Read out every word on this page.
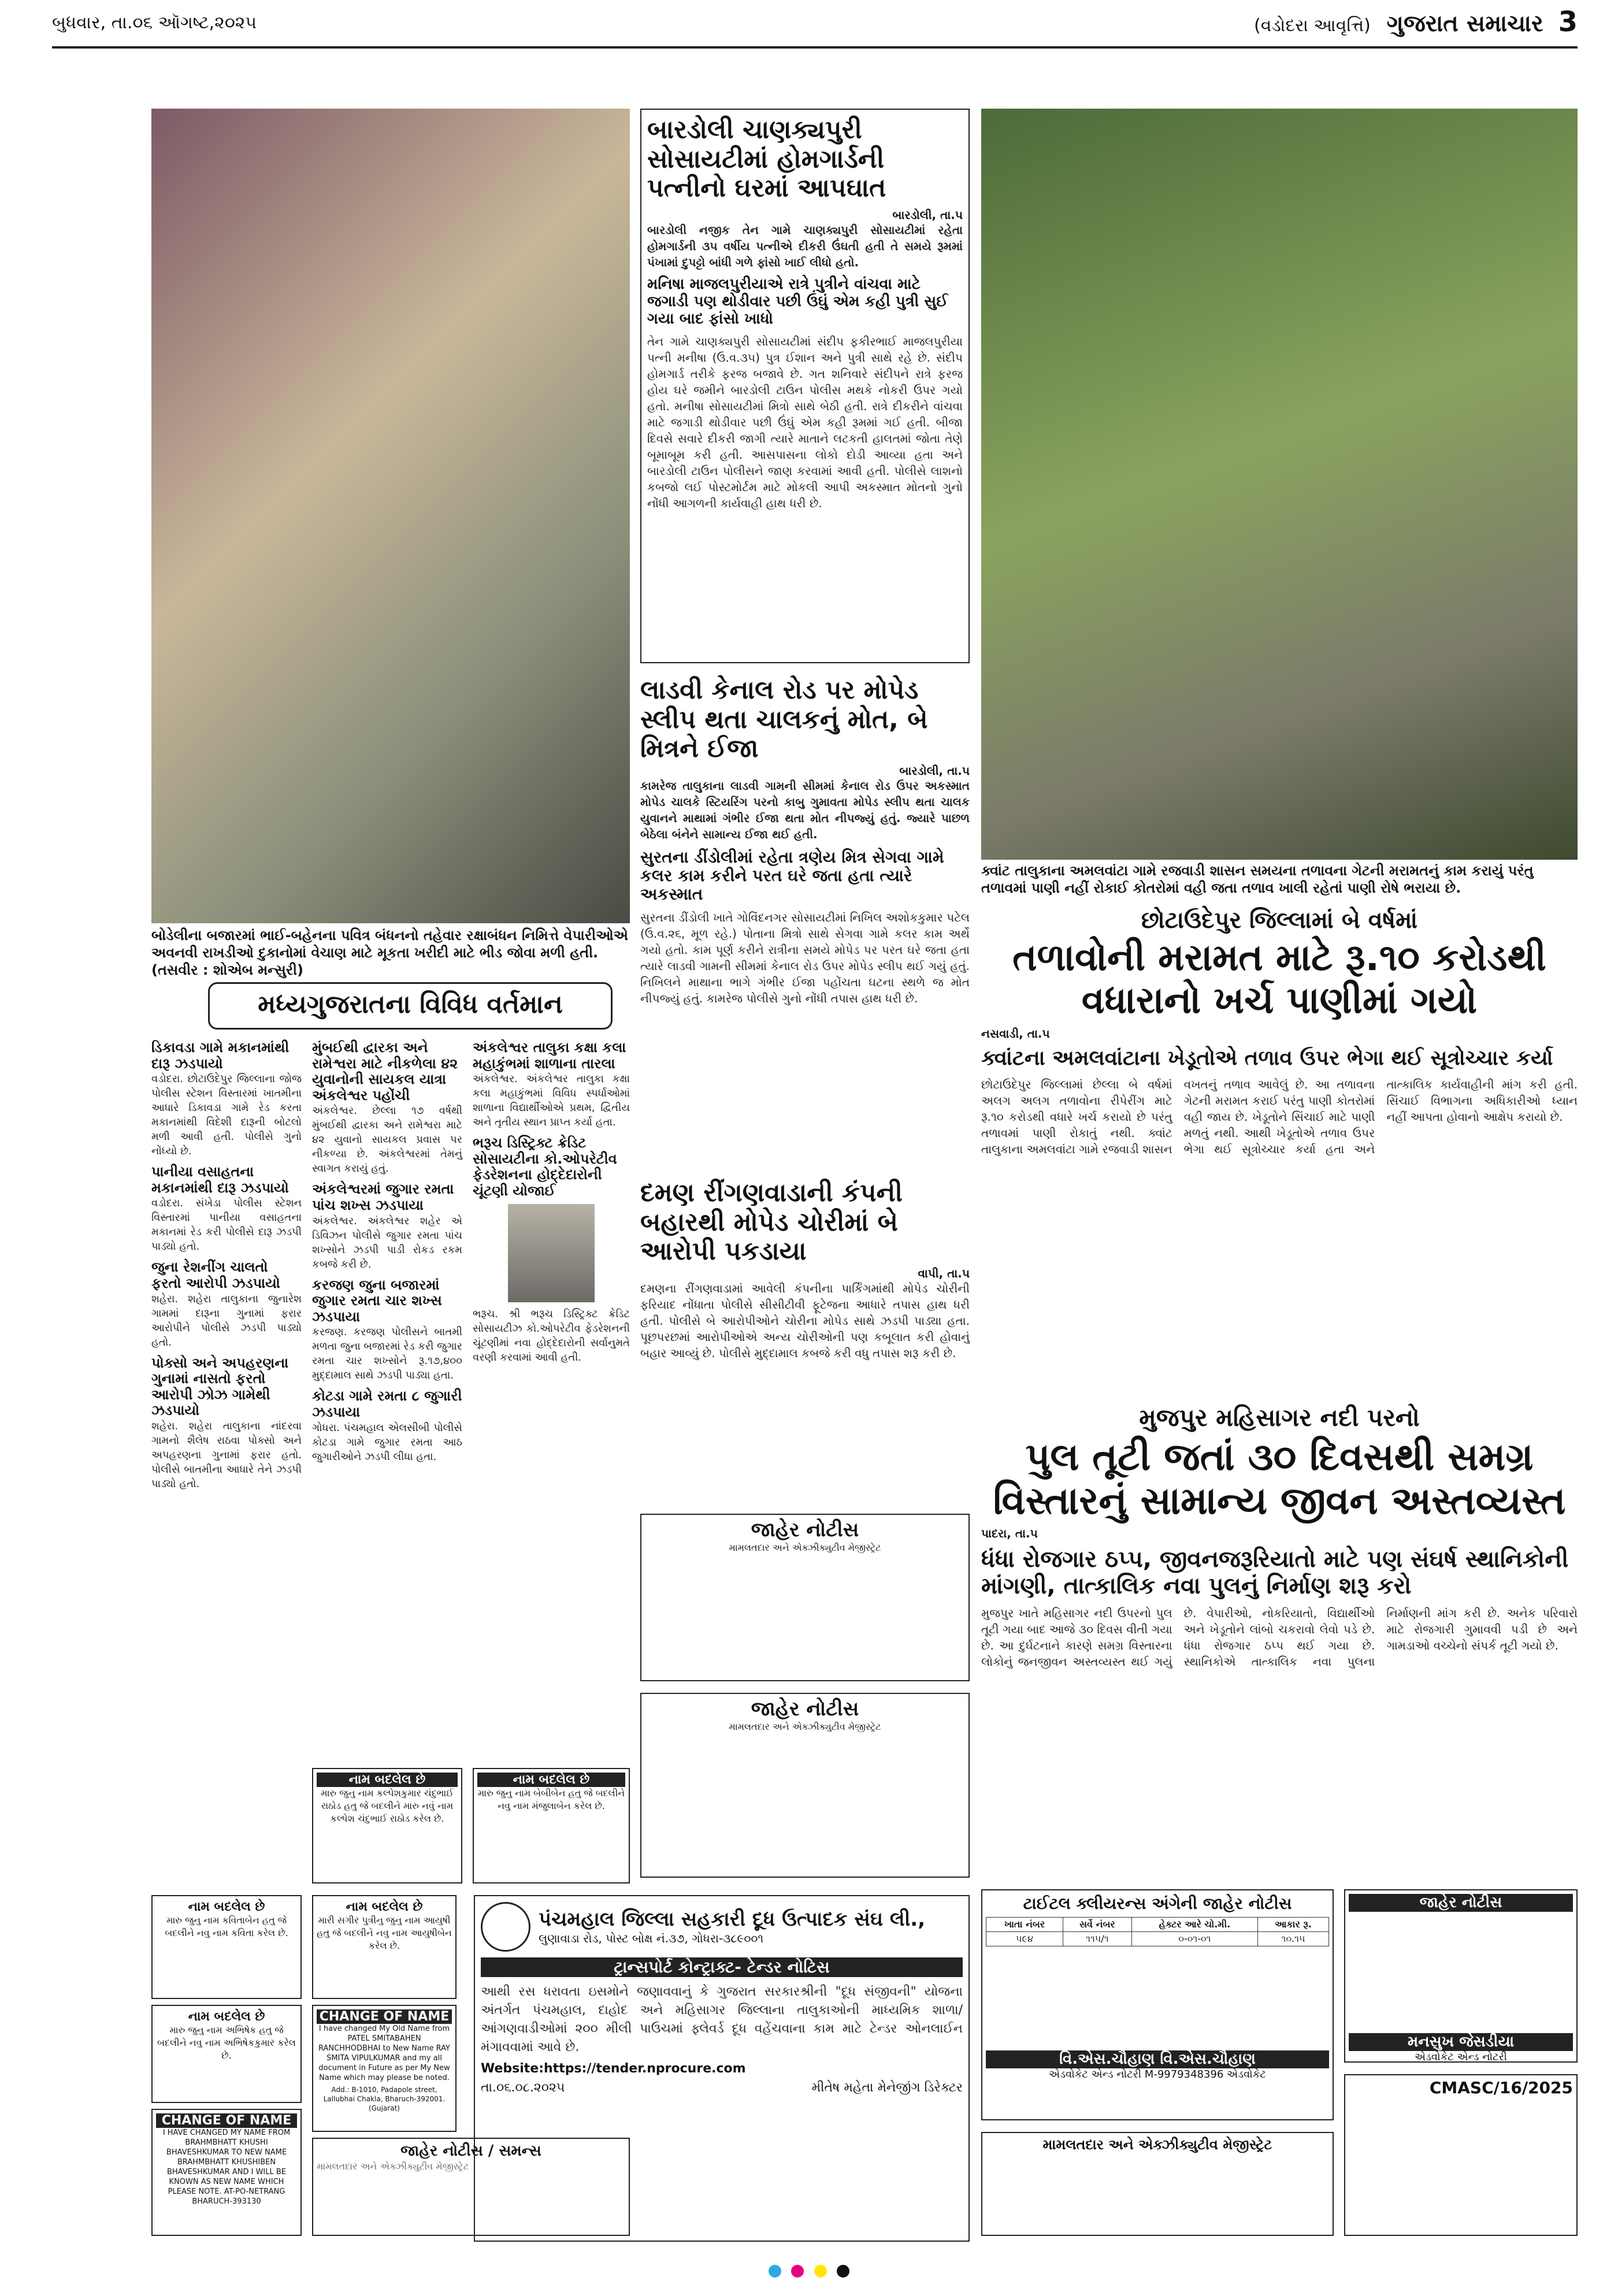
બુધવાર, તા.૦૬ ઑગષ્ટ,૨૦૨૫	(વડોદરા આવૃત્તિ) ગુજરાત સમાચાર 3
બોડેલીના બજારમાં ભાઈ-બહેનના પવિત્ર બંધનનો તહેવાર રક્ષાબંધન નિમિત્તે વેપારીઓએ અવનવી રાખડીઓ દુકાનોમાં વેચાણ માટે મૂકતા ખરીદી માટે ભીડ જોવા મળી હતી. (તસવીર : શોએબ મન્સુરી)
બારડોલી ચાણક્યપુરી સોસાયટીમાં હોમગાર્ડની પત્નીનો ઘરમાં આપઘાત
બારડોલી, તા.૫
બારડોલી નજીક તેન ગામે ચાણક્યપુરી સોસાયટીમાં રહેતા હોમગાર્ડની ૩૫ વર્ષીય પત્નીએ દીકરી ઉંઘતી હતી તે સમયે રૂમમાં પંખામાં દુપટ્ટો બાંધી ગળે ફાંસો ખાઈ લીધો હતો.
મનિષા માજલપુરીયાએ રાત્રે પુત્રીને વાંચવા માટે જગાડી પણ થોડીવાર પછી ઉંઘું એમ કહી પુત્રી સુઈ ગયા બાદ ફાંસો ખાધો
તેન ગામે ચાણક્યપુરી સોસાયટીમાં સંદીપ ફકીરભાઈ માજલપુરીયા પત્ની મનીષા (ઉ.વ.૩૫) પુત્ર ઈશાન અને પુત્રી સાથે રહે છે. સંદીપ હોમગાર્ડ તરીકે ફરજ બજાવે છે. ગત શનિવારે સંદીપને રાત્રે ફરજ હોય ઘરે જમીને બારડોલી ટાઉન પોલીસ મથકે નોકરી ઉપર ગયો હતો. મનીષા સોસાયટીમાં મિત્રો સાથે બેઠી હતી. રાત્રે દીકરીને વાંચવા માટે જગાડી થોડીવાર પછી ઉંઘું એમ કહી રૂમમાં ગઈ હતી. બીજા દિવસે સવારે દીકરી જાગી ત્યારે માતાને લટકતી હાલતમાં જોતા તેણે બૂમાબૂમ કરી હતી. આસપાસના લોકો દોડી આવ્યા હતા અને બારડોલી ટાઉન પોલીસને જાણ કરવામાં આવી હતી. પોલીસે લાશનો કબજો લઈ પોસ્ટમોર્ટમ માટે મોકલી આપી અકસ્માત મોતનો ગુનો નોંધી આગળની કાર્યવાહી હાથ ધરી છે.
ક્વાંટ તાલુકાના અમલવાંટા ગામે રજવાડી શાસન સમયના તળાવના ગેટની મરામતનું કામ કરાયું પરંતુ તળાવમાં પાણી નહીં રોકાઈ કોતરોમાં વહી જતા તળાવ ખાલી રહેતાં પાણી રોષે ભરાયા છે.
મધ્યગુજરાતના વિવિધ વર્તમાન
ડિકાવડા ગામે મકાનમાંથી દારૂ ઝડપાયો
વડોદરા. છોટાઉદેપુર જિલ્લાના જોજ પોલીસ સ્ટેશન વિસ્તારમાં ખાતમીના આધારે ડિકાવડા ગામે રેડ કરતા મકાનમાંથી વિદેશી દારૂની બોટલો મળી આવી હતી. પોલીસે ગુનો નોંધ્યો છે.
પાનીયા વસાહતના મકાનમાંથી દારૂ ઝડપાયો
વડોદરા. સંખેડા પોલીસ સ્ટેશન વિસ્તારમાં પાનીયા વસાહતના મકાનમાં રેડ કરી પોલીસે દારૂ ઝડપી પાડ્યો હતો.
જુના રેશનીંગ ચાલતો ફરતો આરોપી ઝડપાયો
શહેરા. શહેરા તાલુકાના જુનારેશ ગામમાં દારૂના ગુનામાં ફરાર આરોપીને પોલીસે ઝડપી પાડ્યો હતો.
પોક્સો અને અપહરણના ગુનામાં નાસતો ફરતો આરોપી ઝોઝ ગામેથી ઝડપાયો
શહેરા. શહેરા તાલુકાના નાંદરવા ગામનો શૈલેષ રાઠવા પોક્સો અને અપહરણના ગુનામાં ફરાર હતો. પોલીસે બાતમીના આધારે તેને ઝડપી પાડ્યો હતો.
મુંબઈથી દ્વારકા અને રામેશ્વરા માટે નીકળેલા ૪૨ યુવાનોની સાયકલ યાત્રા અંકલેશ્વર પહોંચી
અંકલેશ્વર. છેલ્લા ૧૭ વર્ષથી મુંબઈથી દ્વારકા અને રામેશ્વરા માટે ૪૨ યુવાનો સાયકલ પ્રવાસ પર નીકળ્યા છે. અંકલેશ્વરમાં તેમનું સ્વાગત કરાયું હતું.
અંકલેશ્વરમાં જુગાર રમતા પાંચ શખ્સ ઝડપાયા
અંકલેશ્વર. અંકલેશ્વર શહેર એ ડિવિઝન પોલીસે જુગાર રમતા પાંચ શખ્સોને ઝડપી પાડી રોકડ રકમ કબજે કરી છે.
કરજણ જુના બજારમાં જુગાર રમતા ચાર શખ્સ ઝડપાયા
કરજણ. કરજણ પોલીસને બાતમી મળતા જુના બજારમાં રેડ કરી જુગાર રમતા ચાર શખ્સોને રૂ.૧૭,૪૦૦ મુદ્દામાલ સાથે ઝડપી પાડ્યા હતા.
કોટડા ગામે રમતા ૮ જુગારી ઝડપાયા
ગોધરા. પંચમહાલ એલસીબી પોલીસે કોટડા ગામે જુગાર રમતા આઠ જુગારીઓને ઝડપી લીધા હતા.
અંકલેશ્વર તાલુકા કક્ષા કલા મહાકુંભમાં શાળાના તારલા
અંકલેશ્વર. અંકલેશ્વર તાલુકા કક્ષા કલા મહાકુંભમાં વિવિધ સ્પર્ધાઓમાં શાળાના વિદ્યાર્થીઓએ પ્રથમ, દ્વિતીય અને તૃતીય સ્થાન પ્રાપ્ત કર્યા હતા.
ભરૂચ ડિસ્ટ્રિક્ટ ક્રેડિટ સોસાયટીના કો.ઓપરેટીવ ફેડરેશનના હોદ્દેદારોની ચૂંટણી યોજાઈ
ભરૂચ. શ્રી ભરૂચ ડિસ્ટ્રિક્ટ ક્રેડિટ સોસાયટીઝ કો.ઓપરેટીવ ફેડરેશનની ચૂંટણીમાં નવા હોદ્દેદારોની સર્વાનુમતે વરણી કરવામાં આવી હતી.
લાડવી કેનાલ રોડ પર મોપેડ સ્લીપ થતા ચાલકનું મોત, બે મિત્રને ઈજા
બારડોલી, તા.૫
કામરેજ તાલુકાના લાડવી ગામની સીમમાં કેનાલ રોડ ઉપર અકસ્માત મોપેડ ચાલકે સ્ટિયરિંગ પરનો કાબુ ગુમાવતા મોપેડ સ્લીપ થતા ચાલક યુવાનને માથામાં ગંભીર ઈજા થતા મોત નીપજ્યું હતું. જ્યારે પાછળ બેઠેલા બંનેને સામાન્ય ઈજા થઈ હતી.
સુરતના ડીંડોલીમાં રહેતા ત્રણેય મિત્ર સેગવા ગામે કલર કામ કરીને પરત ઘરે જતા હતા ત્યારે અકસ્માત
સુરતના ડીંડોલી ખાતે ગોવિંદનગર સોસાયટીમાં નિખિલ અશોકકુમાર પટેલ (ઉ.વ.૨૬, મૂળ રહે.) પોતાના મિત્રો સાથે સેગવા ગામે કલર કામ અર્થે ગયો હતો. કામ પૂર્ણ કરીને રાત્રીના સમયે મોપેડ પર પરત ઘરે જતા હતા ત્યારે લાડવી ગામની સીમમાં કેનાલ રોડ ઉપર મોપેડ સ્લીપ થઈ ગયું હતું. નિખિલને માથાના ભાગે ગંભીર ઈજા પહોંચતા ઘટના સ્થળે જ મોત નીપજ્યું હતું. કામરેજ પોલીસે ગુનો નોંધી તપાસ હાથ ધરી છે.
દમણ રીંગણવાડાની કંપની બહારથી મોપેડ ચોરીમાં બે આરોપી પકડાયા
વાપી, તા.૫
દમણના રીંગણવાડામાં આવેલી કંપનીના પાર્કિંગમાંથી મોપેડ ચોરીની ફરિયાદ નોંધાતા પોલીસે સીસીટીવી ફૂટેજના આધારે તપાસ હાથ ધરી હતી. પોલીસે બે આરોપીઓને ચોરીના મોપેડ સાથે ઝડપી પાડ્યા હતા. પૂછપરછમાં આરોપીઓએ અન્ય ચોરીઓની પણ કબૂલાત કરી હોવાનું બહાર આવ્યું છે. પોલીસે મુદ્દામાલ કબજે કરી વધુ તપાસ શરૂ કરી છે.
છોટાઉદેપુર જિલ્લામાં બે વર્ષમાં
તળાવોની મરામત માટે રૂ.૧૦ કરોડથી વધારાનો ખર્ચ પાણીમાં ગયો
નસવાડી, તા.૫
ક્વાંટના અમલવાંટાના ખેડૂતોએ તળાવ ઉપર ભેગા થઈ સૂત્રોચ્ચાર કર્યા
છોટાઉદેપુર જિલ્લામાં છેલ્લા બે વર્ષમાં અલગ અલગ તળાવોના રીપેરીંગ માટે રૂ.૧૦ કરોડથી વધારે ખર્ચ કરાયો છે પરંતુ તળાવમાં પાણી રોકાતું નથી. ક્વાંટ તાલુકાના અમલવાંટા ગામે રજવાડી શાસન વખતનું તળાવ આવેલું છે. આ તળાવના ગેટની મરામત કરાઈ પરંતુ પાણી કોતરોમાં વહી જાય છે. ખેડૂતોને સિંચાઈ માટે પાણી મળતું નથી. આથી ખેડૂતોએ તળાવ ઉપર ભેગા થઈ સૂત્રોચ્ચાર કર્યા હતા અને તાત્કાલિક કાર્યવાહીની માંગ કરી હતી. સિંચાઈ વિભાગના અધિકારીઓ ધ્યાન નહીં આપતા હોવાનો આક્ષેપ કરાયો છે.
મુજપુર મહિસાગર નદી પરનો
પુલ તૂટી જતાં ૩૦ દિવસથી સમગ્ર વિસ્તારનું સામાન્ય જીવન અસ્તવ્યસ્ત
પાદરા, તા.૫
ધંધા રોજગાર ઠપ્પ, જીવનજરૂરિયાતો માટે પણ સંઘર્ષ સ્થાનિકોની માંગણી, તાત્કાલિક નવા પુલનું નિર્માણ શરૂ કરો
મુજપુર ખાતે મહિસાગર નદી ઉપરનો પુલ તૂટી ગયા બાદ આજે ૩૦ દિવસ વીતી ગયા છે. આ દુર્ઘટનાને કારણે સમગ્ર વિસ્તારના લોકોનું જનજીવન અસ્તવ્યસ્ત થઈ ગયું છે. વેપારીઓ, નોકરિયાતો, વિદ્યાર્થીઓ અને ખેડૂતોને લાંબો ચકરાવો લેવો પડે છે. ધંધા રોજગાર ઠપ્પ થઈ ગયા છે. સ્થાનિકોએ તાત્કાલિક નવા પુલના નિર્માણની માંગ કરી છે. અનેક પરિવારો માટે રોજગારી ગુમાવવી પડી છે અને ગામડાઓ વચ્ચેનો સંપર્ક તૂટી ગયો છે.
નામ બદલેલ છે
મારુ જુનુ નામ કલ્પેશકુમાર ચંદુભાઈ રાઠોડ હતુ જે બદલીને મારુ નવું નામ કલ્પેશ ચંદુભાઈ રાઠોડ કરેલ છે.
નામ બદલેલ છે
મારુ જુનુ નામ બેબીબેન હતુ જે બદલીને નવુ નામ મંજુલાબેન કરેલ છે.
નામ બદલેલ છે
મારુ જુનુ નામ કવિતાબેન હતુ જે બદલીને નવુ નામ કવિતા કરેલ છે.
નામ બદલેલ છે
મારી સગીર પુત્રીનુ જુનુ નામ આયુષી હતુ જે બદલીને નવુ નામ આયુષીબેન કરેલ છે.
નામ બદલેલ છે
મારુ જુનુ નામ અભિષેક હતુ જે બદલીને નવુ નામ અભિષેકકુમાર કરેલ છે.
CHANGE OF NAME
I have changed My Old Name from PATEL SMITABAHEN RANCHHODBHAI to New Name RAY SMITA VIPULKUMAR and my all document in Future as per My New Name which may please be noted.
Add.: B-1010, Padapole street, Lallubhai Chakla, Bharuch-392001. (Gujarat)
CHANGE OF NAME
I HAVE CHANGED MY NAME FROM BRAHMBHATT KHUSHI BHAVESHKUMAR TO NEW NAME BRAHMBHATT KHUSHIBEN BHAVESHKUMAR AND I WILL BE KNOWN AS NEW NAME WHICH PLEASE NOTE. AT-PO-NETRANG BHARUCH-393130
જાહેર નોટીસ / સમન્સ
મામલતદાર અને એક્ઝીક્યુટીવ મેજીસ્ટ્રેટ
જાહેર નોટીસ
મામલતદાર અને એક્ઝીક્યુટીવ મેજીસ્ટ્રેટ
જાહેર નોટીસ
મામલતદાર અને એક્ઝીક્યુટીવ મેજીસ્ટ્રેટ
પંચમહાલ જિલ્લા સહકારી દૂધ ઉત્પાદક સંઘ લી.,
લુણાવાડા રોડ, પોસ્ટ બોક્ષ નં.૩૭, ગોધરા-૩૮૯૦૦૧
ટ્રાન્સપોર્ટ કોન્ટ્રાક્ટ- ટેન્ડર નોટિસ
આથી રસ ધરાવતા ઇસમોને જણાવવાનું કે ગુજરાત સરકારશ્રીની "દૂધ સંજીવની" યોજના અંતર્ગત પંચમહાલ, દાહોદ અને મહિસાગર જિલ્લાના તાલુકાઓની માધ્યમિક શાળા/આંગણવાડીઓમાં ૨૦૦ મીલી પાઉચમાં ફ્લેવર્ડ દૂધ વહેંચવાના કામ માટે ટેન્ડર ઓનલાઈન મંગાવવામાં આવે છે.
Website:https://tender.nprocure.com
તા.૦૬.૦૮.૨૦૨૫	મીતેષ મહેતા મેનેજીંગ ડિરેક્ટર
ટાઈટલ ક્લીયરન્સ અંગેની જાહેર નોટીસ
ખાતા નંબર	સર્વે નંબર	હેક્ટર આરે ચો.મી.	આકાર રૂ.
૫૯૪	૧૧૫/૧	૦-૦૧-૦૧	૧૦.૧૫
વિ.એસ.ચૌહાણ વિ.એસ.ચૌહાણ
એડવોકેટ એન્ડ નોટરી M-9979348396 એડવોકેટ
મામલતદાર અને એક્ઝીક્યુટીવ મેજીસ્ટ્રેટ
જાહેર નોટીસ
મનસુખ જેસડીયા
એડવોકેટ એન્ડ નોટરી
CMASC/16/2025
